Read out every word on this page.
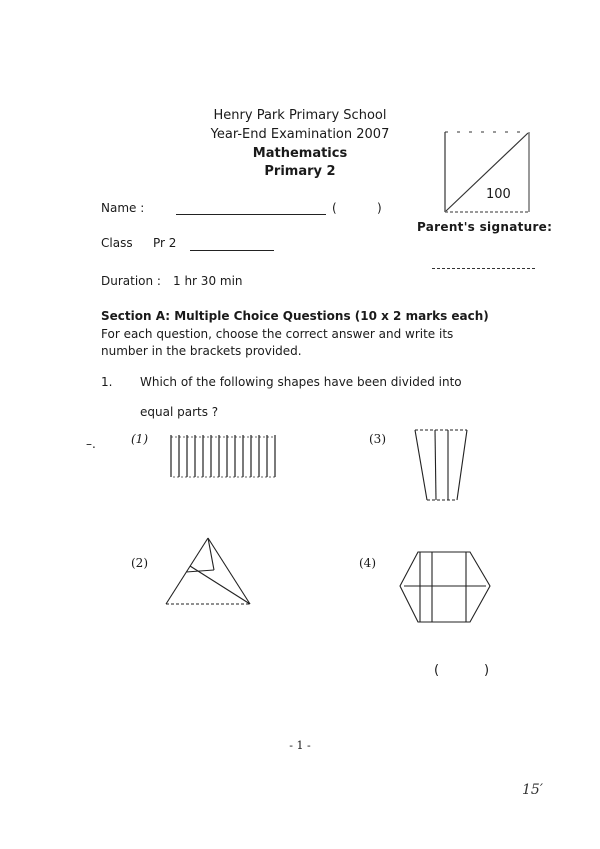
Henry Park Primary School
Year-End Examination 2007
Mathematics
Primary 2
100
Parent's signature:
Name :	(	)
Class Pr 2
Duration : 1 hr 30 min
Section A: Multiple Choice Questions (10 x 2 marks each)
For each question, choose the correct answer and write its
number in the brackets provided.
1. Which of the following shapes have been divided into
equal parts ?
–.	(1)
(2)
(3)
(4)
(	)
- 1 -
15′
